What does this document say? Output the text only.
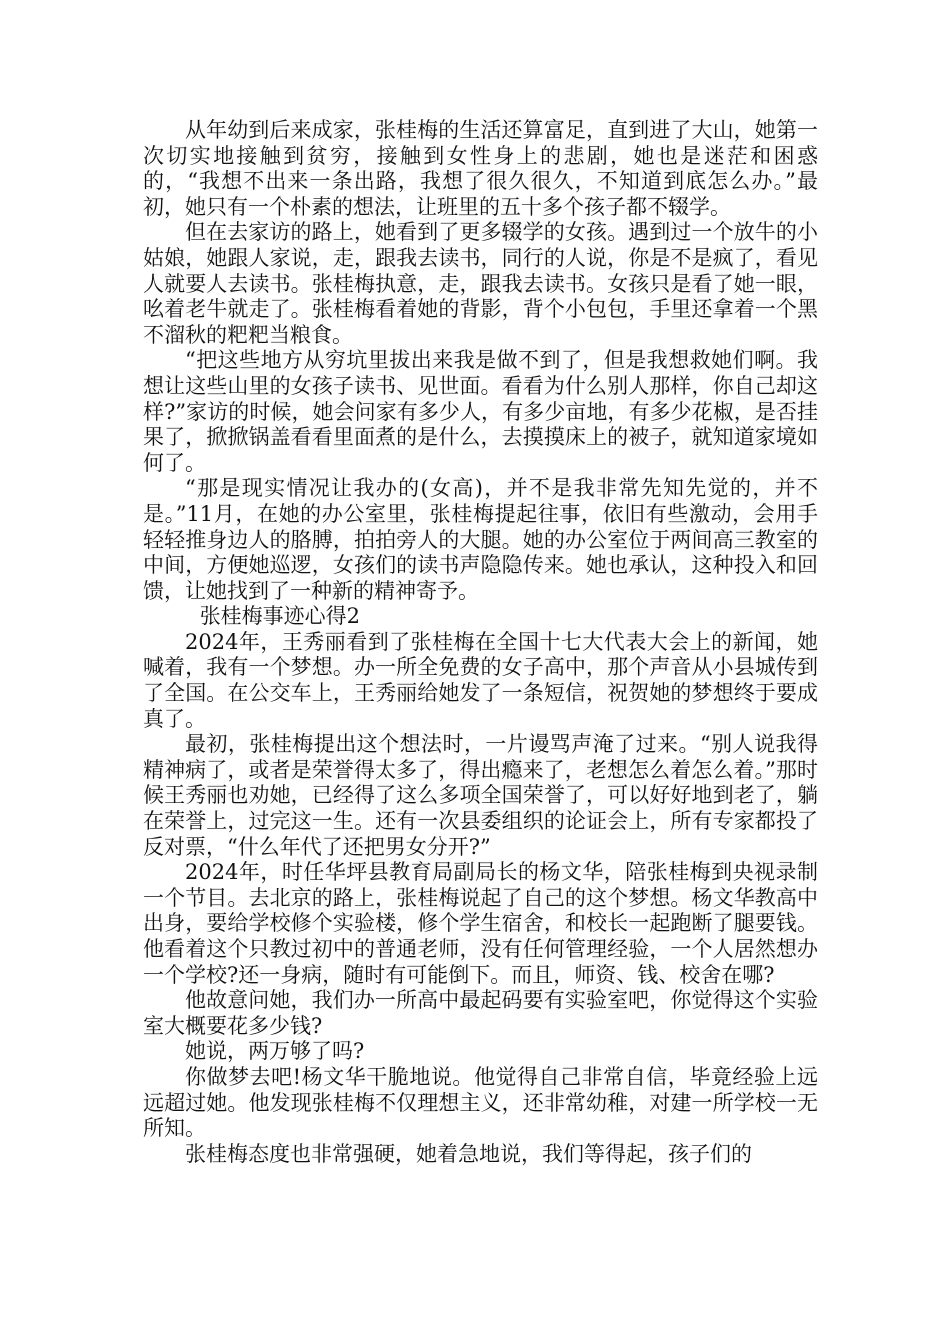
从年幼到后来成家，张桂梅的生活还算富足，直到进了大山，她第一次切实地接触到贫穷，接触到女性身上的悲剧，她也是迷茫和困惑的，“我想不出来一条出路，我想了很久很久，不知道到底怎么办。”最初，她只有一个朴素的想法，让班里的五十多个孩子都不辍学。

但在去家访的路上，她看到了更多辍学的女孩。遇到过一个放牛的小姑娘，她跟人家说，走，跟我去读书，同行的人说，你是不是疯了，看见人就要人去读书。张桂梅执意，走，跟我去读书。女孩只是看了她一眼，吆着老牛就走了。张桂梅看着她的背影，背个小包包，手里还拿着一个黑不溜秋的粑粑当粮食。

“把这些地方从穷坑里拔出来我是做不到了，但是我想救她们啊。我想让这些山里的女孩子读书、见世面。看看为什么别人那样，你自己却这样?”家访的时候，她会问家有多少人，有多少亩地，有多少花椒，是否挂果了，掀掀锅盖看看里面煮的是什么，去摸摸床上的被子，就知道家境如何了。

“那是现实情况让我办的(女高)，并不是我非常先知先觉的，并不是。”11月，在她的办公室里，张桂梅提起往事，依旧有些激动，会用手轻轻推身边人的胳膊，拍拍旁人的大腿。她的办公室位于两间高三教室的中间，方便她巡逻，女孩们的读书声隐隐传来。她也承认，这种投入和回馈，让她找到了一种新的精神寄予。

张桂梅事迹心得2

2024年，王秀丽看到了张桂梅在全国十七大代表大会上的新闻，她喊着，我有一个梦想。办一所全免费的女子高中，那个声音从小县城传到了全国。在公交车上，王秀丽给她发了一条短信，祝贺她的梦想终于要成真了。

最初，张桂梅提出这个想法时，一片谩骂声淹了过来。“别人说我得精神病了，或者是荣誉得太多了，得出瘾来了，老想怎么着怎么着。”那时候王秀丽也劝她，已经得了这么多项全国荣誉了，可以好好地到老了，躺在荣誉上，过完这一生。还有一次县委组织的论证会上，所有专家都投了反对票，“什么年代了还把男女分开?”

2024年，时任华坪县教育局副局长的杨文华，陪张桂梅到央视录制一个节目。去北京的路上，张桂梅说起了自己的这个梦想。杨文华教高中出身，要给学校修个实验楼，修个学生宿舍，和校长一起跑断了腿要钱。他看着这个只教过初中的普通老师，没有任何管理经验，一个人居然想办一个学校?还一身病，随时有可能倒下。而且，师资、钱、校舍在哪?

他故意问她，我们办一所高中最起码要有实验室吧，你觉得这个实验室大概要花多少钱?

她说，两万够了吗?

你做梦去吧!杨文华干脆地说。他觉得自己非常自信，毕竟经验上远远超过她。他发现张桂梅不仅理想主义，还非常幼稚，对建一所学校一无所知。

张桂梅态度也非常强硬，她着急地说，我们等得起，孩子们的
